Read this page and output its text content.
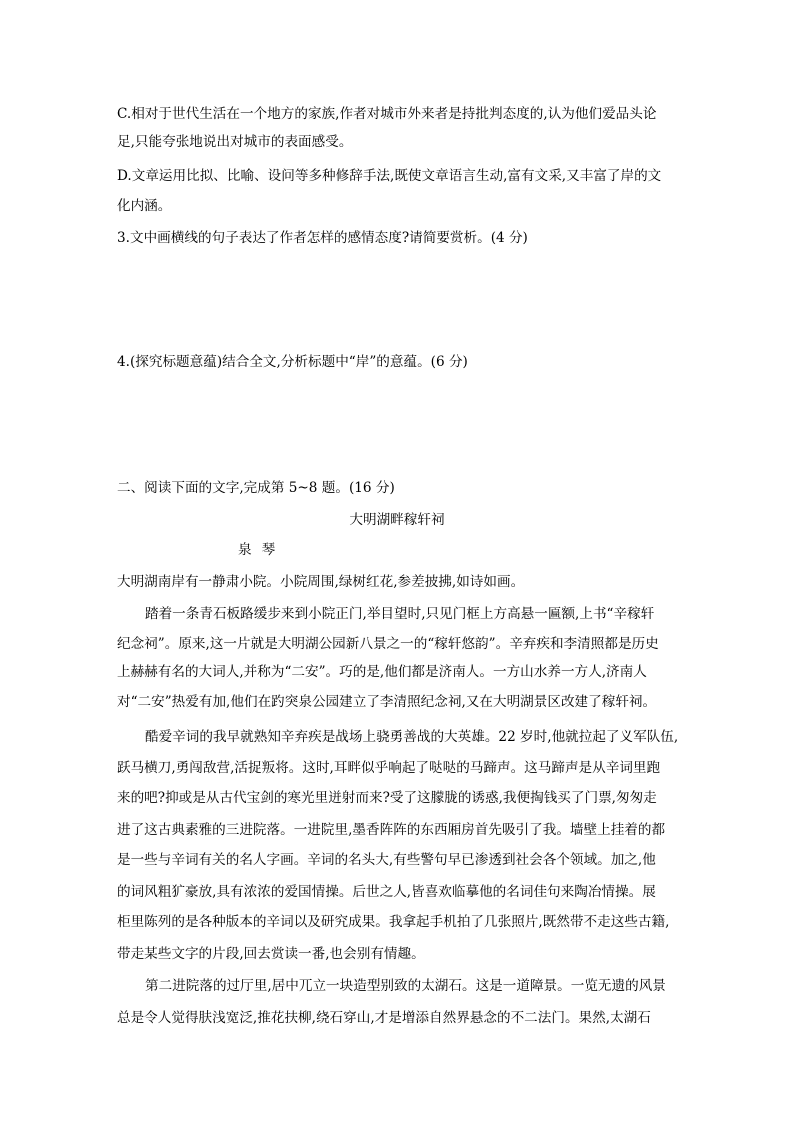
C.相对于世代生活在一个地方的家族,作者对城市外来者是持批判态度的,认为他们爱品头论
足,只能夸张地说出对城市的表面感受。
D.文章运用比拟、比喻、设问等多种修辞手法,既使文章语言生动,富有文采,又丰富了岸的文
化内涵。
3.文中画横线的句子表达了作者怎样的感情态度?请简要赏析。(4 分)
4.(探究标题意蕴)结合全文,分析标题中“岸”的意蕴。(6 分)
二、阅读下面的文字,完成第 5~8 题。(16 分)
大明湖畔稼轩祠
泉琴
大明湖南岸有一静肃小院。小院周围,绿树红花,参差披拂,如诗如画。
踏着一条青石板路缓步来到小院正门,举目望时,只见门框上方高悬一匾额,上书“辛稼轩
纪念祠”。原来,这一片就是大明湖公园新八景之一的“稼轩悠韵”。辛弃疾和李清照都是历史
上赫赫有名的大词人,并称为“二安”。巧的是,他们都是济南人。一方山水养一方人,济南人
对“二安”热爱有加,他们在趵突泉公园建立了李清照纪念祠,又在大明湖景区改建了稼轩祠。
酷爱辛词的我早就熟知辛弃疾是战场上骁勇善战的大英雄。22 岁时,他就拉起了义军队伍,
跃马横刀,勇闯敌营,活捉叛将。这时,耳畔似乎响起了哒哒的马蹄声。这马蹄声是从辛词里跑
来的吧?抑或是从古代宝剑的寒光里迸射而来?受了这朦胧的诱惑,我便掏钱买了门票,匆匆走
进了这古典素雅的三进院落。一进院里,墨香阵阵的东西厢房首先吸引了我。墙壁上挂着的都
是一些与辛词有关的名人字画。辛词的名头大,有些警句早已渗透到社会各个领域。加之,他
的词风粗犷豪放,具有浓浓的爱国情操。后世之人,皆喜欢临摹他的名词佳句来陶冶情操。展
柜里陈列的是各种版本的辛词以及研究成果。我拿起手机拍了几张照片,既然带不走这些古籍,
带走某些文字的片段,回去赏读一番,也会别有情趣。
第二进院落的过厅里,居中兀立一块造型别致的太湖石。这是一道障景。一览无遗的风景
总是令人觉得肤浅宽泛,推花扶柳,绕石穿山,才是增添自然界悬念的不二法门。果然,太湖石
